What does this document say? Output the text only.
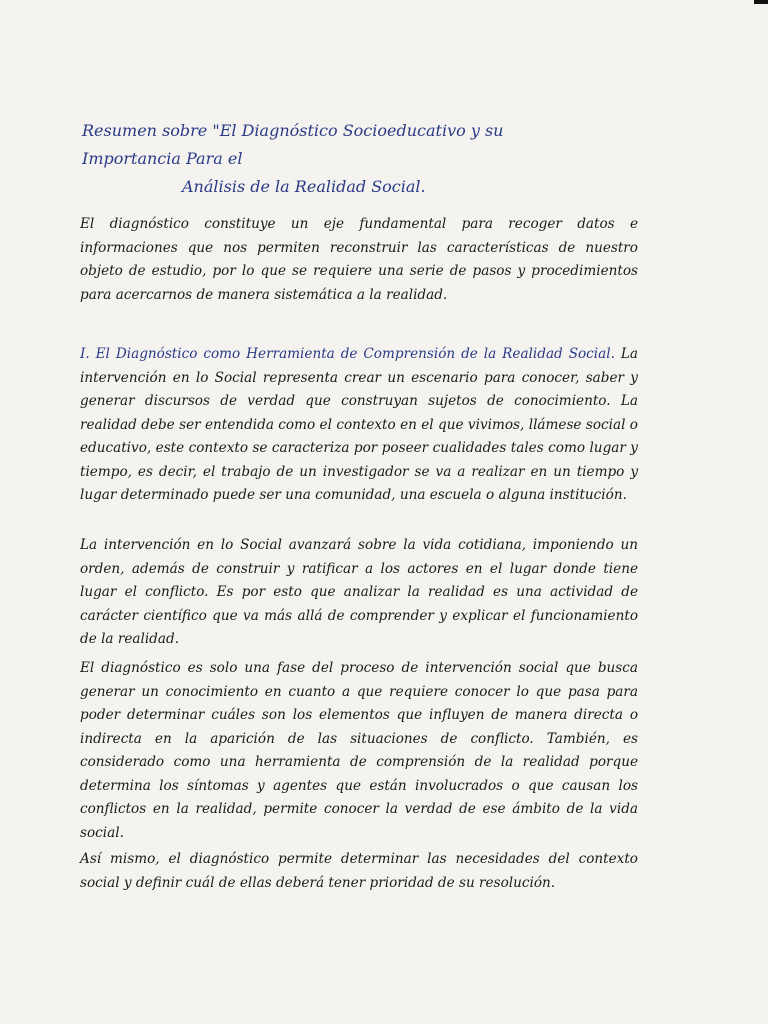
Resumen sobre "El Diagnóstico Socioeducativo y su Importancia Para el
Análisis de la Realidad Social.
El diagnóstico constituye un eje fundamental para recoger datos e informaciones que nos permiten reconstruir las características de nuestro objeto de estudio, por lo que se requiere una serie de pasos y procedimientos para acercarnos de manera sistemática a la realidad.
I. El Diagnóstico como Herramienta de Comprensión de la Realidad Social. La intervención en lo Social representa crear un escenario para conocer, saber y generar discursos de verdad que construyan sujetos de conocimiento. La realidad debe ser entendida como el contexto en el que vivimos, llámese social o educativo, este contexto se caracteriza por poseer cualidades tales como lugar y tiempo, es decir, el trabajo de un investigador se va a realizar en un tiempo y lugar determinado puede ser una comunidad, una escuela o alguna institución.
La intervención en lo Social avanzará sobre la vida cotidiana, imponiendo un orden, además de construir y ratificar a los actores en el lugar donde tiene lugar el conflicto. Es por esto que analizar la realidad es una actividad de carácter científico que va más allá de comprender y explicar el funcionamiento de la realidad.
El diagnóstico es solo una fase del proceso de intervención social que busca generar un conocimiento en cuanto a que requiere conocer lo que pasa para poder determinar cuáles son los elementos que influyen de manera directa o indirecta en la aparición de las situaciones de conflicto. También, es considerado como una herramienta de comprensión de la realidad porque determina los síntomas y agentes que están involucrados o que causan los conflictos en la realidad, permite conocer la verdad de ese ámbito de la vida social.
Así mismo, el diagnóstico permite determinar las necesidades del contexto social y definir cuál de ellas deberá tener prioridad de su resolución.
